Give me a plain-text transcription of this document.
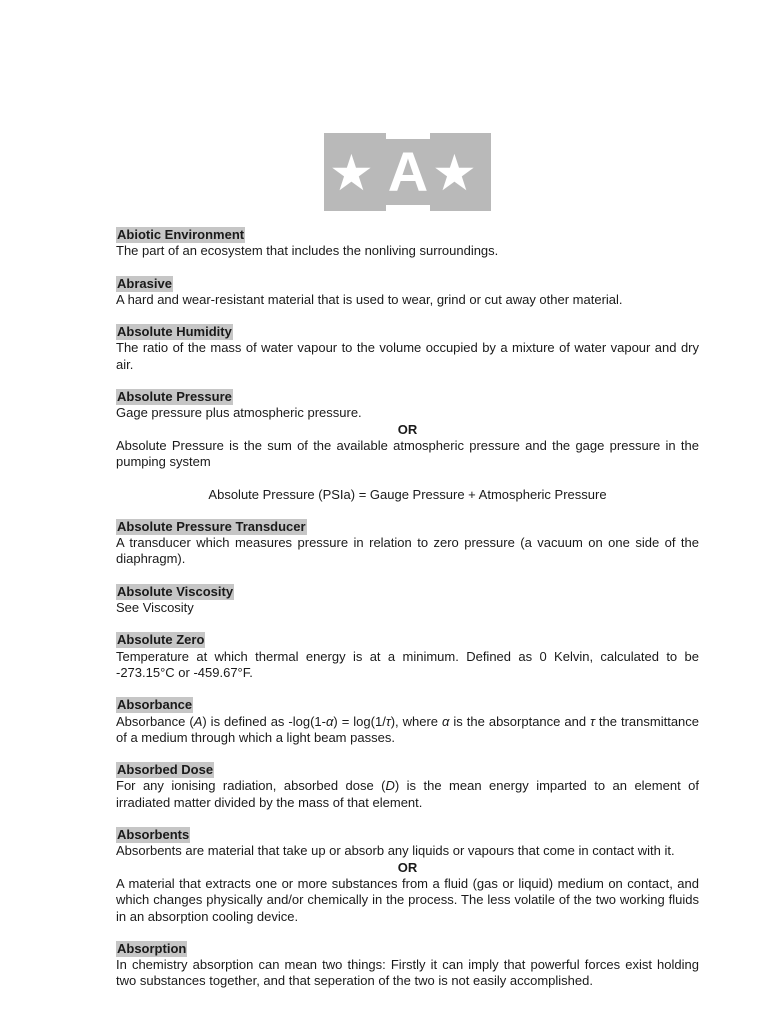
★ A ★
Abiotic Environment

The part of an ecosystem that includes the nonliving surroundings.

Abrasive

A hard and wear-resistant material that is used to wear, grind or cut away other material.

Absolute Humidity

The ratio of the mass of water vapour to the volume occupied by a mixture of water vapour and dry air.

Absolute Pressure

Gage pressure plus atmospheric pressure.

OR

Absolute Pressure is the sum of the available atmospheric pressure and the gage pressure in the pumping system

Absolute Pressure (PSIa) = Gauge Pressure + Atmospheric Pressure

Absolute Pressure Transducer

A transducer which measures pressure in relation to zero pressure (a vacuum on one side of the diaphragm).

Absolute Viscosity

See Viscosity

Absolute Zero

Temperature at which thermal energy is at a minimum. Defined as 0 Kelvin, calculated to be -273.15°C or -459.67°F.

Absorbance

Absorbance (A) is defined as -log(1-α) = log(1/τ), where α is the absorptance and τ the transmittance of a medium through which a light beam passes.

Absorbed Dose

For any ionising radiation, absorbed dose (D) is the mean energy imparted to an element of irradiated matter divided by the mass of that element.

Absorbents

Absorbents are material that take up or absorb any liquids or vapours that come in contact with it.

OR

A material that extracts one or more substances from a fluid (gas or liquid) medium on contact, and which changes physically and/or chemically in the process. The less volatile of the two working fluids in an absorption cooling device.

Absorption

In chemistry absorption can mean two things: Firstly it can imply that powerful forces exist holding two substances together, and that seperation of the two is not easily accomplished.
